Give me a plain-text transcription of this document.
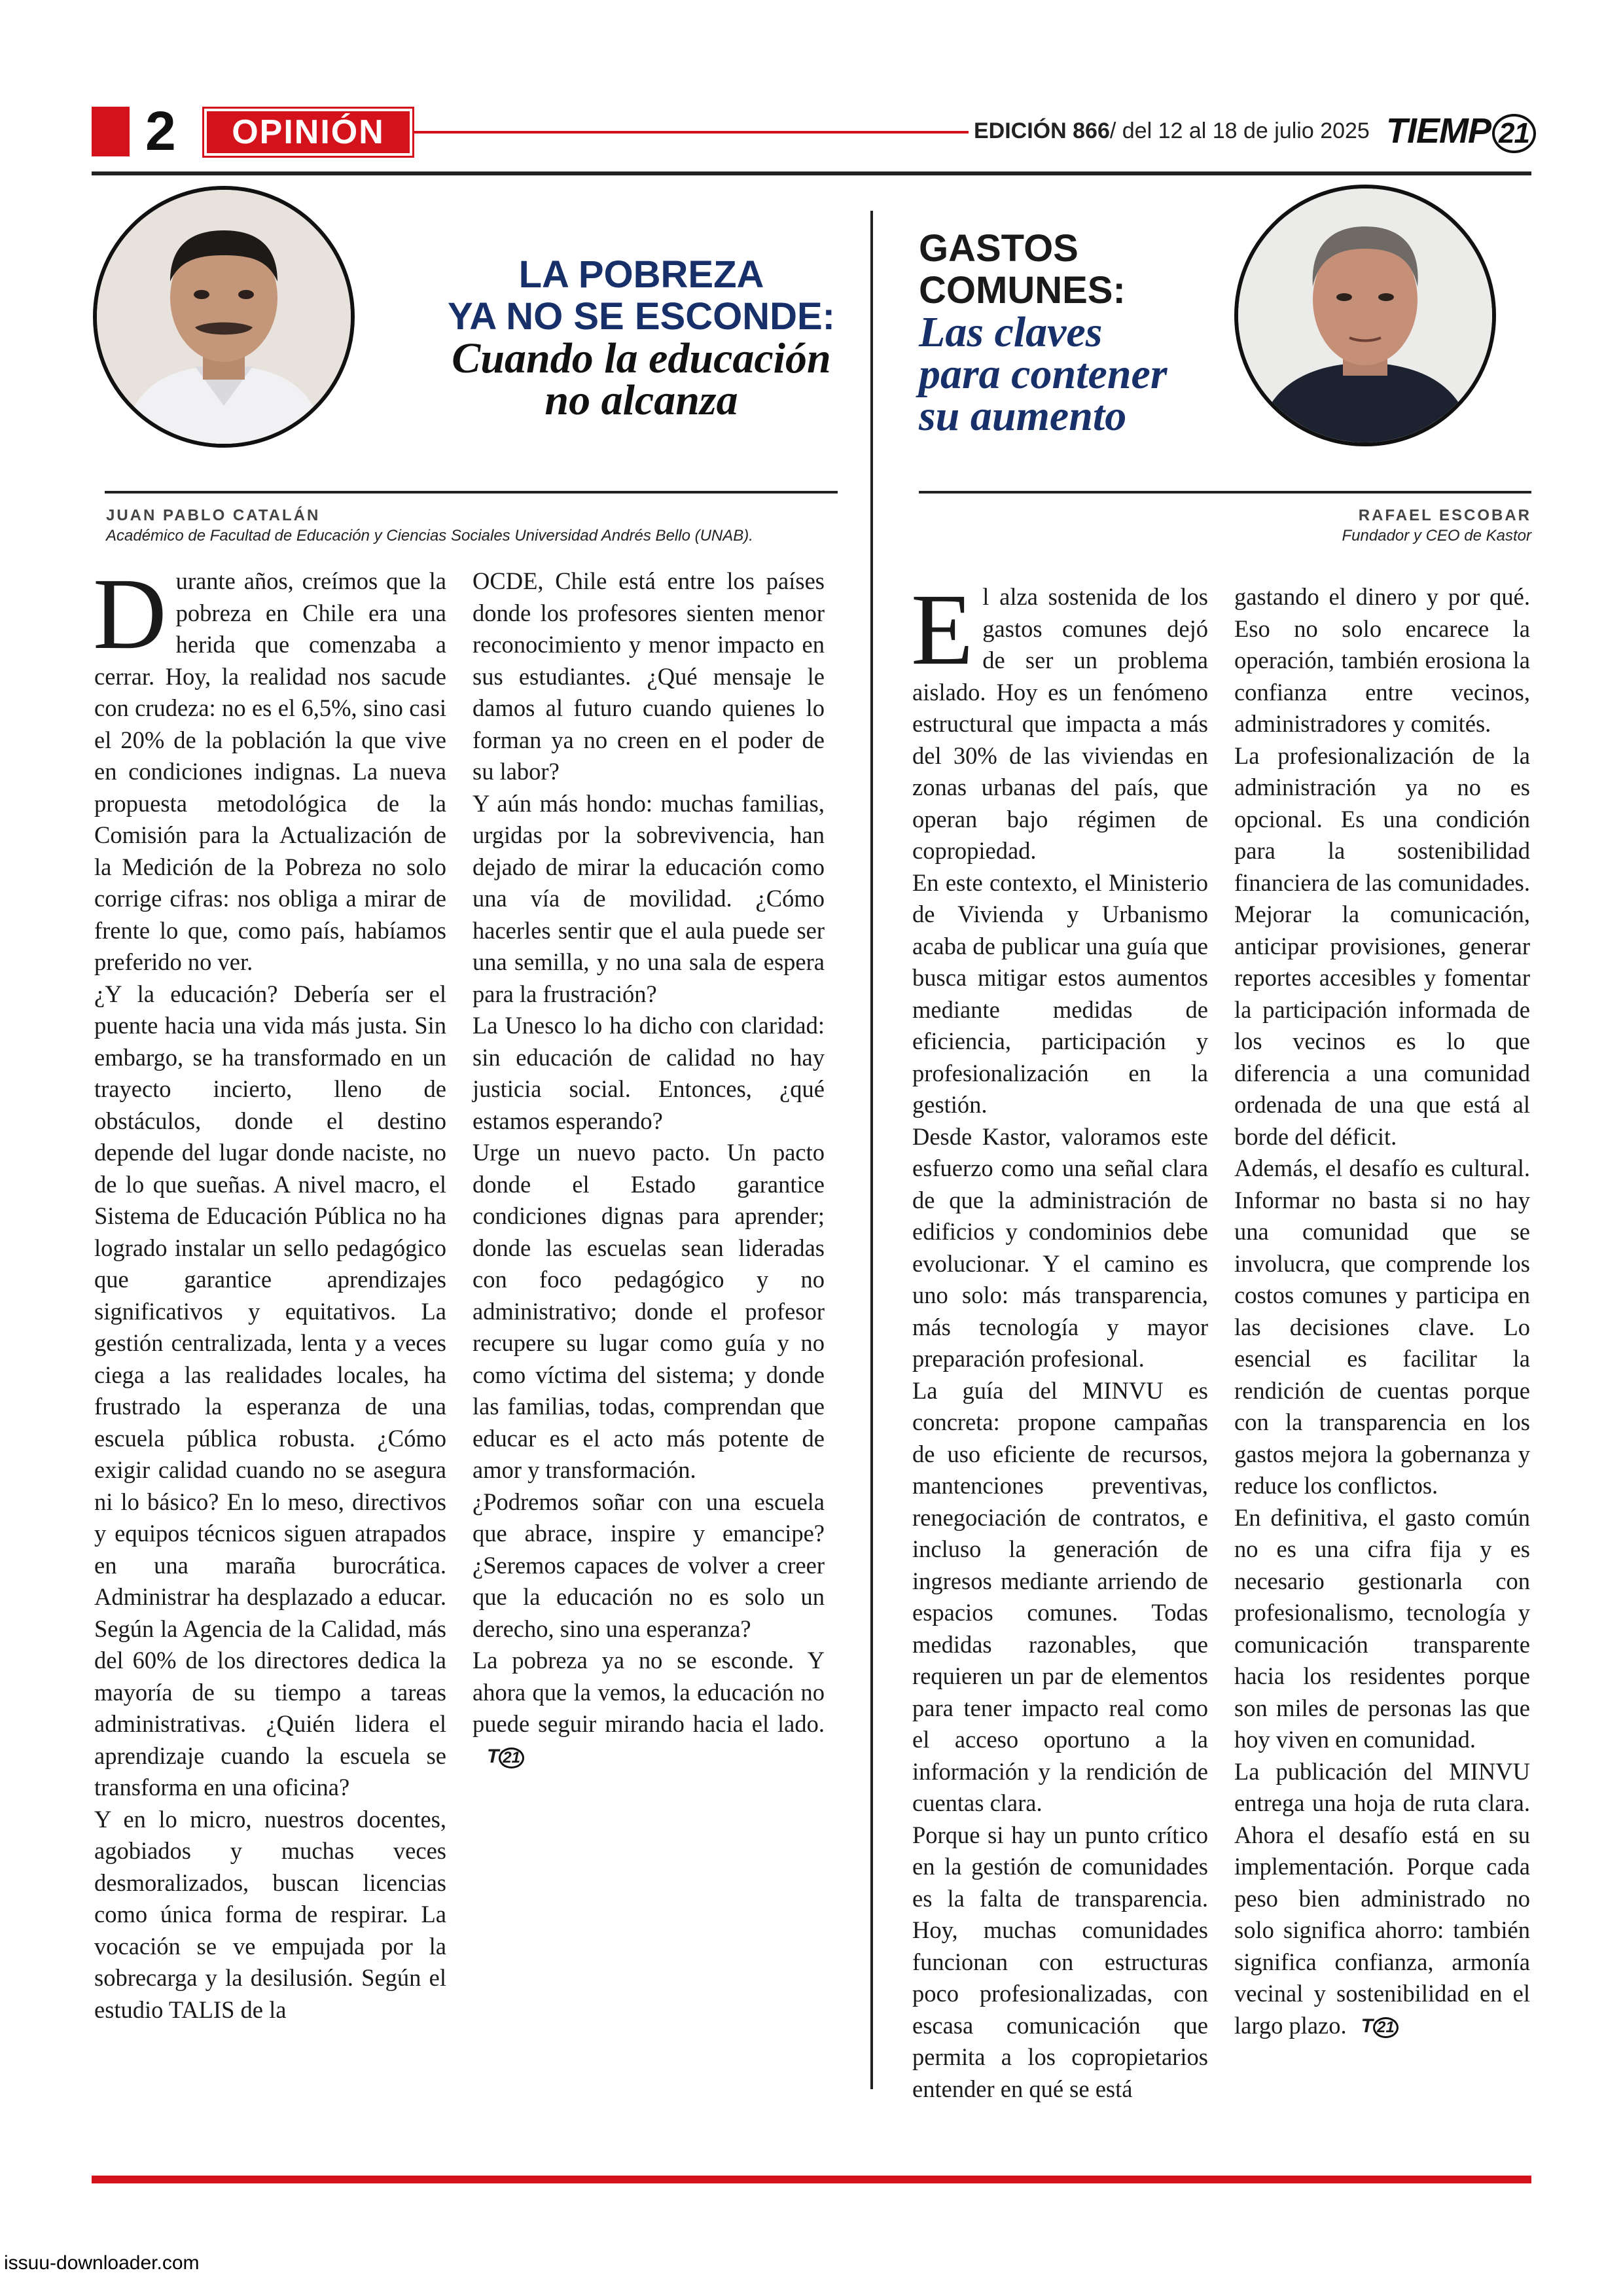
2	OPINIÓN	EDICIÓN 866/ del 12 al 18 de julio 2025 TIEMP 21
LA POBREZA
YA NO SE ESCONDE:
Cuando la educación
no alcanza
GASTOS
COMUNES:
Las claves
para contener
su aumento
JUAN PABLO CATALÁN
Académico de Facultad de Educación y Ciencias Sociales Universidad Andrés Bello (UNAB).
RAFAEL ESCOBAR
Fundador y CEO de Kastor

Durante años, creímos que la pobreza en Chile era una herida que comenzaba a cerrar. Hoy, la realidad nos sacude con crudeza: no es el 6,5%, sino casi el 20% de la población la que vive en condiciones indignas. La nueva propuesta metodológica de la Comisión para la Actualización de la Medición de la Pobreza no solo corrige cifras: nos obliga a mirar de frente lo que, como país, habíamos preferido no ver.

¿Y la educación? Debería ser el puente hacia una vida más justa. Sin embargo, se ha transformado en un trayecto incierto, lleno de obstáculos, donde el destino depende del lugar donde naciste, no de lo que sueñas. A nivel macro, el Sistema de Educación Pública no ha logrado instalar un sello pedagógico que garantice aprendizajes significativos y equitativos. La gestión centralizada, lenta y a veces ciega a las realidades locales, ha frustrado la esperanza de una escuela pública robusta. ¿Cómo exigir calidad cuando no se asegura ni lo básico? En lo meso, directivos y equipos técnicos siguen atrapados en una maraña burocrática. Administrar ha desplazado a educar. Según la Agencia de la Calidad, más del 60% de los directores dedica la mayoría de su tiempo a tareas administrativas. ¿Quién lidera el aprendizaje cuando la escuela se transforma en una oficina?

Y en lo micro, nuestros docentes, agobiados y muchas veces desmoralizados, buscan licencias como única forma de respirar. La vocación se ve empujada por la sobrecarga y la desilusión. Según el estudio TALIS de la

OCDE, Chile está entre los países donde los profesores sienten menor reconocimiento y menor impacto en sus estudiantes. ¿Qué mensaje le damos al futuro cuando quienes lo forman ya no creen en el poder de su labor?

Y aún más hondo: muchas familias, urgidas por la sobrevivencia, han dejado de mirar la educación como una vía de movilidad. ¿Cómo hacerles sentir que el aula puede ser una semilla, y no una sala de espera para la frustración?

La Unesco lo ha dicho con claridad: sin educación de calidad no hay justicia social. Entonces, ¿qué estamos esperando?

Urge un nuevo pacto. Un pacto donde el Estado garantice condiciones dignas para aprender; donde las escuelas sean lideradas con foco pedagógico y no administrativo; donde el profesor recupere su lugar como guía y no como víctima del sistema; y donde las familias, todas, comprendan que educar es el acto más potente de amor y transformación.

¿Podremos soñar con una escuela que abrace, inspire y emancipe? ¿Seremos capaces de volver a creer que la educación no es solo un derecho, sino una esperanza?

La pobreza ya no se esconde. Y ahora que la vemos, la educación no puede seguir mirando hacia el lado.T 21

El alza sostenida de los gastos comunes dejó de ser un problema aislado. Hoy es un fenómeno estructural que impacta a más del 30% de las viviendas en zonas urbanas del país, que operan bajo régimen de copropiedad.

En este contexto, el Ministerio de Vivienda y Urbanismo acaba de publicar una guía que busca mitigar estos aumentos mediante medidas de eficiencia, participación y profesionalización en la gestión.

Desde Kastor, valoramos este esfuerzo como una señal clara de que la administración de edificios y condominios debe evolucionar. Y el camino es uno solo: más transparencia, más tecnología y mayor preparación profesional.

La guía del MINVU es concreta: propone campañas de uso eficiente de recursos, mantenciones preventivas, renegociación de contratos, e incluso la generación de ingresos mediante arriendo de espacios comunes. Todas medidas razonables, que requieren un par de elementos para tener impacto real como el acceso oportuno a la información y la rendición de cuentas clara.

Porque si hay un punto crítico en la gestión de comunidades es la falta de transparencia. Hoy, muchas comunidades funcionan con estructuras poco profesionalizadas, con escasa comunicación que permita a los copropietarios entender en qué se está

gastando el dinero y por qué. Eso no solo encarece la operación, también erosiona la confianza entre vecinos, administradores y comités.

La profesionalización de la administración ya no es opcional. Es una condición para la sostenibilidad financiera de las comunidades. Mejorar la comunicación, anticipar provisiones, generar reportes accesibles y fomentar la participación informada de los vecinos es lo que diferencia a una comunidad ordenada de una que está al borde del déficit.

Además, el desafío es cultural. Informar no basta si no hay una comunidad que se involucra, que comprende los costos comunes y participa en las decisiones clave. Lo esencial es facilitar la rendición de cuentas porque con la transparencia en los gastos mejora la gobernanza y reduce los conflictos.

En definitiva, el gasto común no es una cifra fija y es necesario gestionarla con profesionalismo, tecnología y comunicación transparente hacia los residentes porque son miles de personas las que hoy viven en comunidad.

La publicación del MINVU entrega una hoja de ruta clara. Ahora el desafío está en su implementación. Porque cada peso bien administrado no solo significa ahorro: también significa confianza, armonía vecinal y sostenibilidad en el largo plazo. T 21

issuu-downloader.com
